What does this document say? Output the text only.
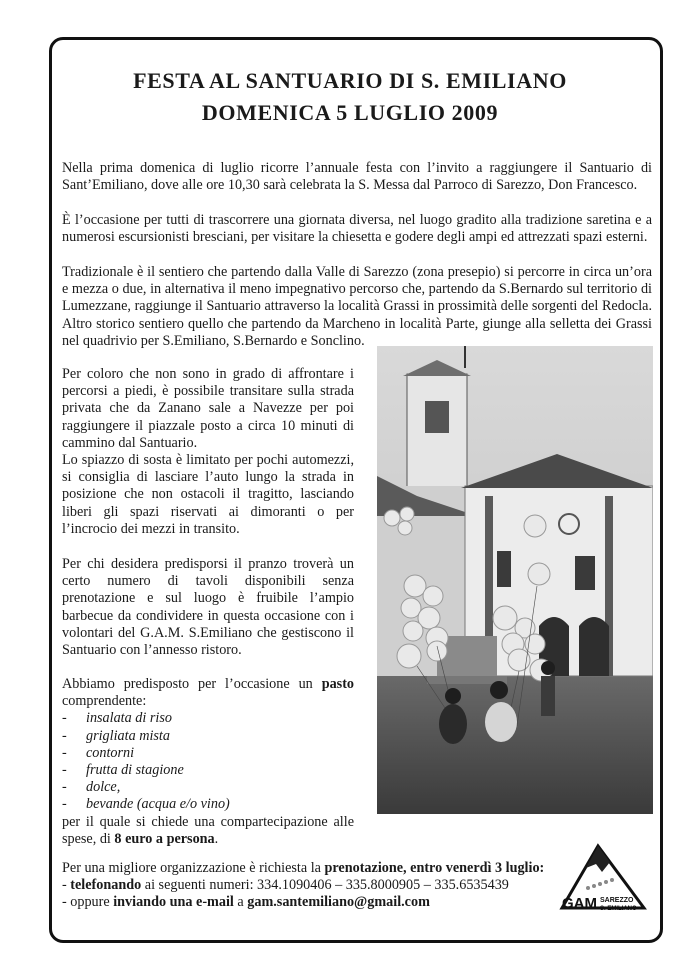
FESTA AL SANTUARIO DI S. EMILIANO
DOMENICA 5 LUGLIO 2009

Nella prima domenica di luglio ricorre l’annuale festa con l’invito a raggiungere il Santuario di Sant’Emiliano, dove alle ore 10,30 sarà celebrata la S. Messa dal Parroco di Sarezzo, Don Francesco.

È l’occasione per tutti di trascorrere una giornata diversa, nel luogo gradito alla tradizione saretina e a numerosi escursionisti bresciani, per visitare la chiesetta e godere degli ampi ed attrezzati spazi esterni.

Tradizionale è il sentiero che partendo dalla Valle di Sarezzo (zona presepio) si percorre in circa un’ora e mezza o due, in alternativa il meno impegnativo percorso che, partendo da S.Bernardo sul territorio di Lumezzane, raggiunge il Santuario attraverso la località Grassi in prossimità delle sorgenti del Redocla. Altro storico sentiero quello che partendo da Marcheno in località Parte, giunge alla selletta dei Grassi nel quadrivio per S.Emiliano, S.Bernardo e Sonclino.

Per coloro che non sono in grado di affrontare i percorsi a piedi, è possibile transitare sulla strada privata che da Zanano sale a Navezze per poi raggiungere il piazzale posto a circa 10 minuti di cammino dal Santuario.

Lo spiazzo di sosta è limitato per pochi automezzi, si consiglia di lasciare l’auto lungo la strada in posizione che non ostacoli il tragitto, lasciando liberi gli spazi riservati ai dimoranti o per l’incrocio dei mezzi in transito.

Per chi desidera predisporsi il pranzo troverà un certo numero di tavoli disponibili senza prenotazione e sul luogo è fruibile l’ampio barbecue da condividere in questa occasione con i volontari del G.A.M. S.Emiliano che gestiscono il Santuario con l’annesso ristoro.

Abbiamo predisposto per l’occasione un pasto comprendente:
- insalata di riso
- grigliata mista
- contorni
- frutta di stagione
- dolce,
- bevande (acqua e/o vino)
per il quale si chiede una compartecipazione alle spese, di 8 euro a persona.
Per una migliore organizzazione è richiesta la prenotazione, entro venerdì 3 luglio:
- telefonando ai seguenti numeri: 334.1090406 – 335.8000905 – 335.6535439
- oppure inviando una e-mail a gam.santemiliano@gmail.com	GAM SAREZZO
S. EMILIANO
